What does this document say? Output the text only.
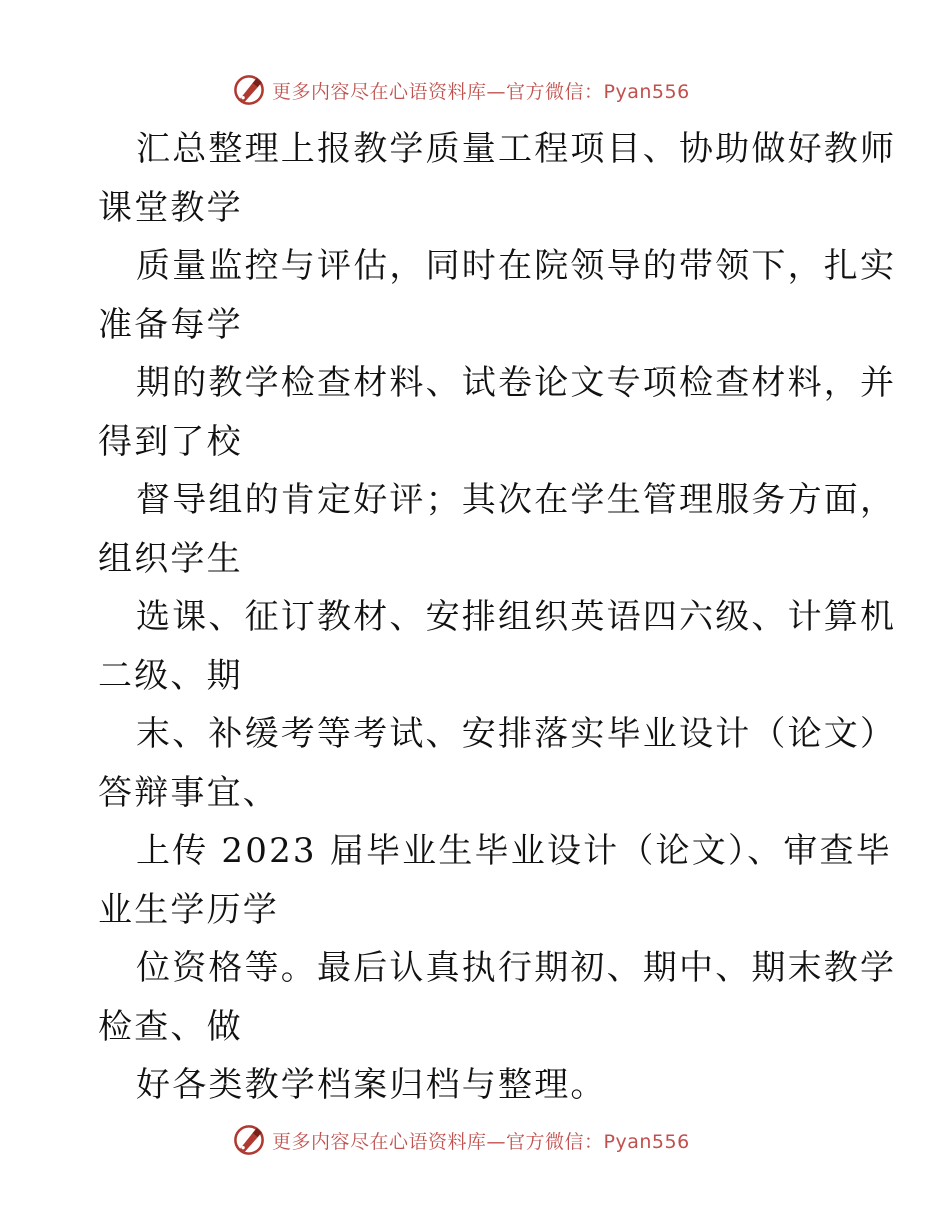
更多内容尽在心语资料库—官方微信：Pyan556
汇总整理上报教学质量工程项目、协助做好教师
课堂教学
质量监控与评估，同时在院领导的带领下，扎实
准备每学
期的教学检查材料、试卷论文专项检查材料，并
得到了校
督导组的肯定好评；其次在学生管理服务方面，
组织学生
选课、征订教材、安排组织英语四六级、计算机
二级、期
末、补缓考等考试、安排落实毕业设计（论文）
答辩事宜、
上传 2023 届毕业生毕业设计（论文）、审查毕
业生学历学
位资格等。最后认真执行期初、期中、期末教学
检查、做
好各类教学档案归档与整理。
更多内容尽在心语资料库—官方微信：Pyan556
